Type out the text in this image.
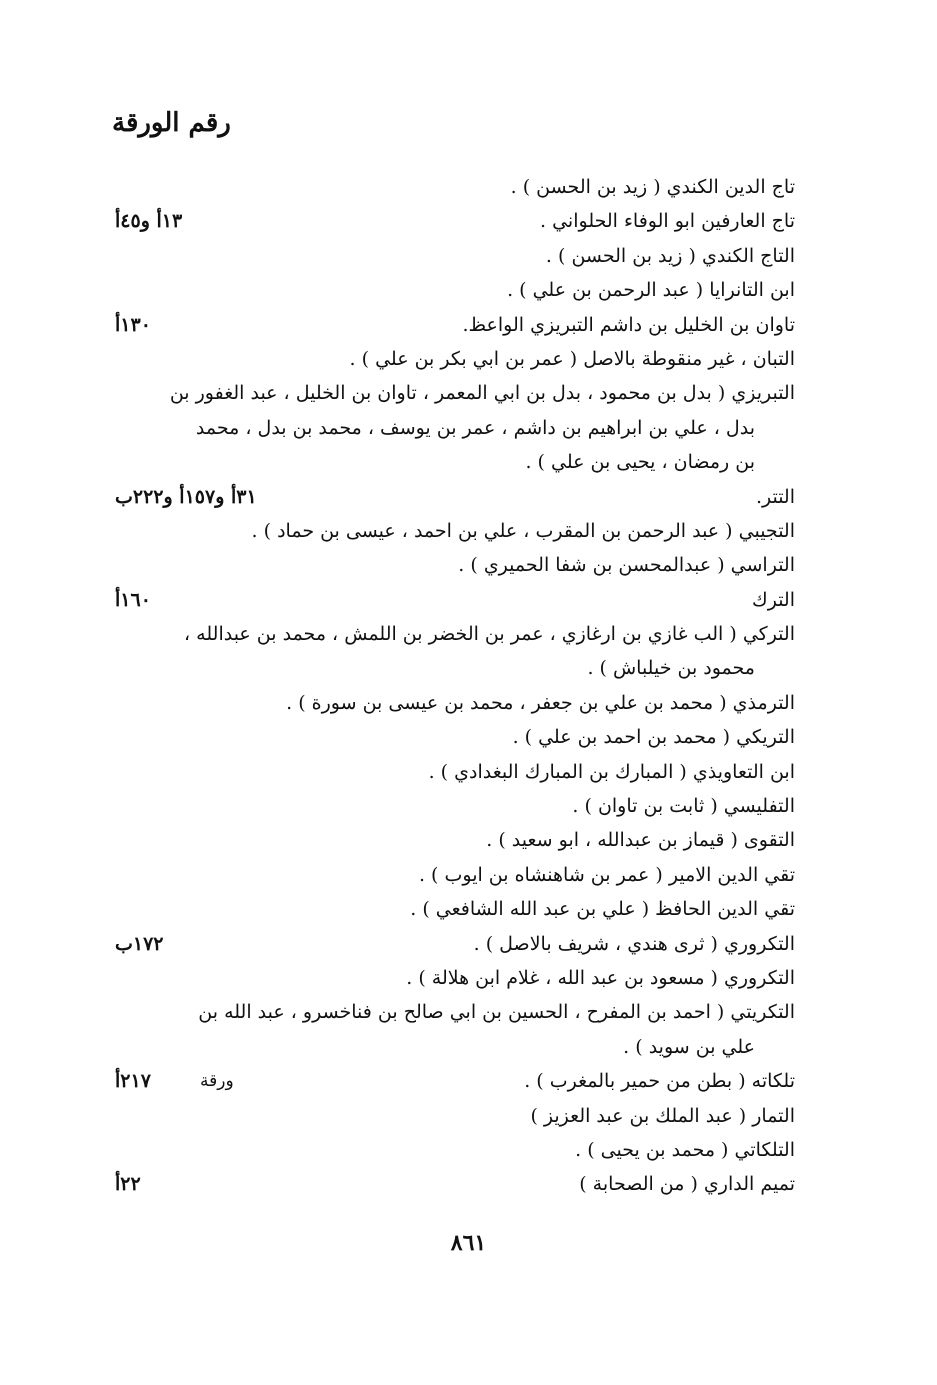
رقم الورقة
تاج الدين الكندي ( زيد بن الحسن ) .
تاج العارفين ابو الوفاء الحلواني .
١٣أ و٤٥أ
التاج الكندي ( زيد بن الحسن ) .
ابن التانرايا ( عبد الرحمن بن علي ) .
تاوان بن الخليل بن داشم التبريزي الواعظ.
١٣٠أ
التبان ، غير منقوطة بالاصل ( عمر بن ابي بكر بن علي ) .
التبريزي ( بدل بن محمود ، بدل بن ابي المعمر ، تاوان بن الخليل ، عبد الغفور بن
بدل ، علي بن ابراهيم بن داشم ، عمر بن يوسف ، محمد بن بدل ، محمد
بن رمضان ، يحيى بن علي ) .
التتر.
٣١أ و١٥٧أ و٢٢٢ب
التجيبي ( عبد الرحمن بن المقرب ، علي بن احمد ، عيسى بن حماد ) .
التراسي ( عبدالمحسن بن شفا الحميري ) .
الترك
١٦٠أ
التركي ( الب غازي بن ارغازي ، عمر بن الخضر بن اللمش ، محمد بن عبدالله ،
محمود بن خيلباش ) .
الترمذي ( محمد بن علي بن جعفر ، محمد بن عيسى بن سورة ) .
التريكي ( محمد بن احمد بن علي ) .
ابن التعاويذي ( المبارك بن المبارك البغدادي ) .
التفليسي ( ثابت بن تاوان ) .
التقوى ( قيماز بن عبدالله ، ابو سعيد ) .
تقي الدين الامير ( عمر بن شاهنشاه بن ايوب ) .
تقي الدين الحافظ ( علي بن عبد الله الشافعي ) .
التكروري ( ثرى هندي ، شريف بالاصل ) .
١٧٢ب
التكروري ( مسعود بن عبد الله ، غلام ابن هلالة ) .
التكريتي ( احمد بن المفرح ، الحسين بن ابي صالح بن فناخسرو ، عبد الله بن
علي بن سويد ) .
تلكاته ( بطن من حمير بالمغرب ) .
ورقة
٢١٧أ
التمار ( عبد الملك بن عبد العزيز )
التلكاتي ( محمد بن يحيى ) .
تميم الداري ( من الصحابة )
٢٢أ
٨٦١
